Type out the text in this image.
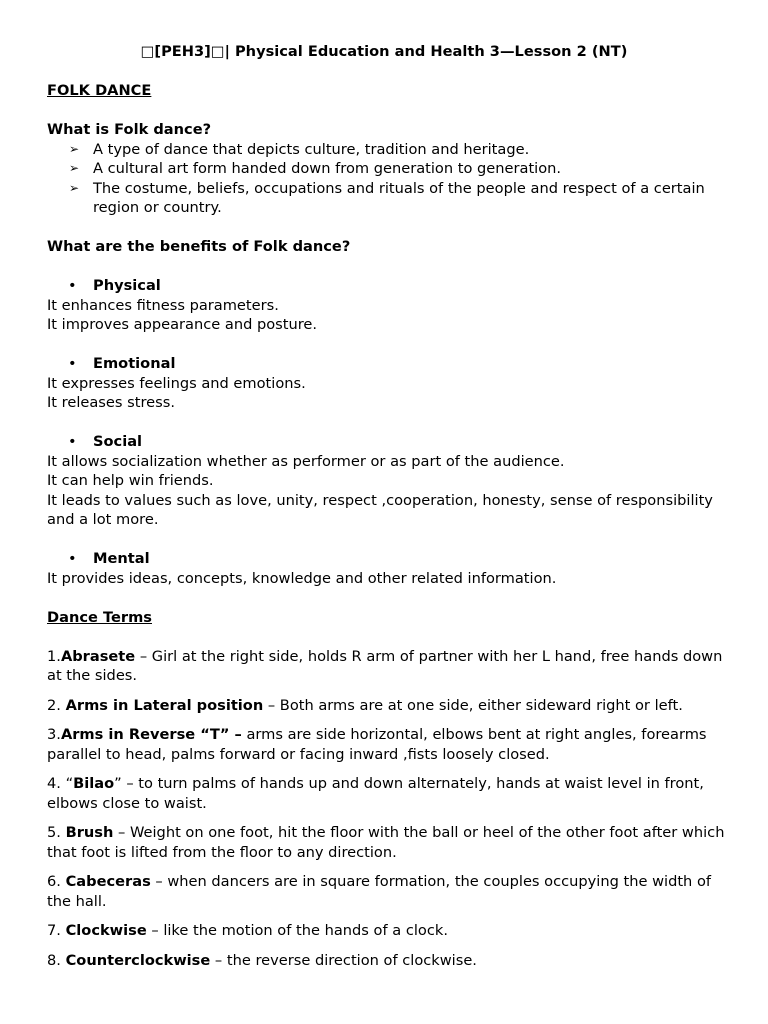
□[PEH3]□| Physical Education and Health 3—Lesson 2 (NT)
FOLK DANCE
What is Folk dance?
➢ A type of dance that depicts culture, tradition and heritage.
➢ A cultural art form handed down from generation to generation.
➢ The costume, beliefs, occupations and rituals of the people and respect of a certain region or country.
What are the benefits of Folk dance?
• Physical
It enhances fitness parameters.
It improves appearance and posture.
• Emotional
It expresses feelings and emotions.
It releases stress.
• Social
It allows socialization whether as performer or as part of the audience.
It can help win friends.
It leads to values such as love, unity, respect ,cooperation, honesty, sense of responsibility and a lot more.
• Mental
It provides ideas, concepts, knowledge and other related information.
Dance Terms
1.Abrasete – Girl at the right side, holds R arm of partner with her L hand, free hands down at the sides.
2. Arms in Lateral position – Both arms are at one side, either sideward right or left.
3.Arms in Reverse “T” – arms are side horizontal, elbows bent at right angles, forearms parallel to head, palms forward or facing inward ,fists loosely closed.
4. “Bilao” – to turn palms of hands up and down alternately, hands at waist level in front, elbows close to waist.
5. Brush – Weight on one foot, hit the floor with the ball or heel of the other foot after which that foot is lifted from the floor to any direction.
6. Cabeceras – when dancers are in square formation, the couples occupying the width of the hall.
7. Clockwise – like the motion of the hands of a clock.
8. Counterclockwise – the reverse direction of clockwise.
